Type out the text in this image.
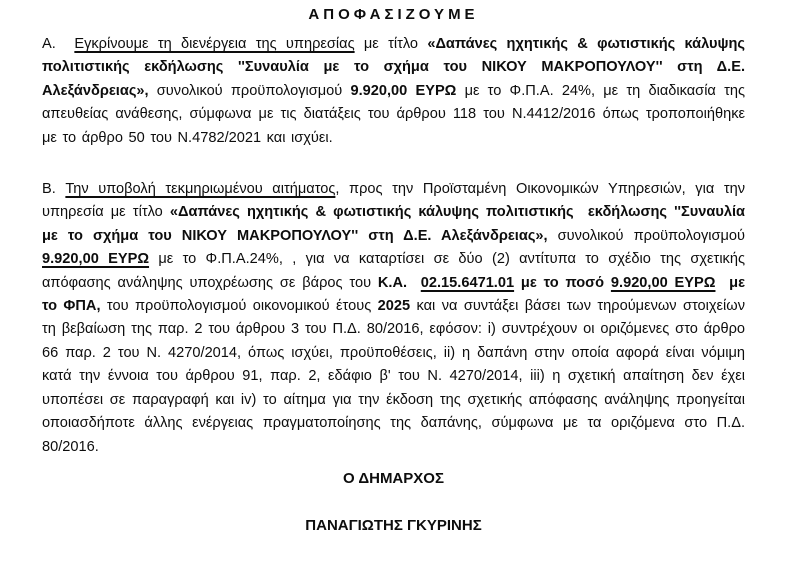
ΑΠΟΦΑΣΙΖΟΥΜΕ

Α.  Εγκρίνουμε τη διενέργεια της υπηρεσίας με τίτλο «Δαπάνες ηχητικής & φωτιστικής κάλυψης πολιτιστικής εκδήλωσης ''Συναυλία με το σχήμα του ΝΙΚΟΥ ΜΑΚΡΟΠΟΥΛΟΥ'' στη Δ.Ε. Αλεξάνδρειας», συνολικού προϋπολογισμού 9.920,00 ΕΥΡΩ με το Φ.Π.Α. 24%, με τη διαδικασία της απευθείας ανάθεσης, σύμφωνα με τις διατάξεις του άρθρου 118 του Ν.4412/2016 όπως τροποποιήθηκε με το άρθρο 50 του Ν.4782/2021 και ισχύει.

Β. Την υποβολή τεκμηριωμένου αιτήματος, προς την Προϊσταμένη Οικονομικών Υπηρεσιών, για την υπηρεσία με τίτλο «Δαπάνες ηχητικής & φωτιστικής κάλυψης πολιτιστικής  εκδήλωσης ''Συναυλία με το σχήμα του ΝΙΚΟΥ ΜΑΚΡΟΠΟΥΛΟΥ'' στη Δ.Ε. Αλεξάνδρειας», συνολικού προϋπολογισμού 9.920,00 ΕΥΡΩ με το Φ.Π.Α.24%, , για να καταρτίσει σε δύο (2) αντίτυπα το σχέδιο της σχετικής απόφασης ανάληψης υποχρέωσης σε βάρος του Κ.Α.  02.15.6471.01 με το ποσό 9.920,00 ΕΥΡΩ  με το ΦΠΑ, του προϋπολογισμού οικονομικού έτους 2025 και να συντάξει βάσει των τηρούμενων στοιχείων τη βεβαίωση της παρ. 2 του άρθρου 3 του Π.Δ. 80/2016, εφόσον: i) συντρέχουν οι οριζόμενες στο άρθρο 66 παρ. 2 του Ν. 4270/2014, όπως ισχύει, προϋποθέσεις, ii) η δαπάνη στην οποία αφορά είναι νόμιμη κατά την έννοια του άρθρου 91, παρ. 2, εδάφιο β' του Ν. 4270/2014, iii) η σχετική απαίτηση δεν έχει υποπέσει σε παραγραφή και iv) το αίτημα για την έκδοση της σχετικής απόφασης ανάληψης προηγείται οποιασδήποτε άλλης ενέργειας πραγματοποίησης της δαπάνης, σύμφωνα με τα οριζόμενα στο Π.Δ. 80/2016.

Ο ΔΗΜΑΡΧΟΣ
ΠΑΝΑΓΙΩΤΗΣ ΓΚΥΡΙΝΗΣ
